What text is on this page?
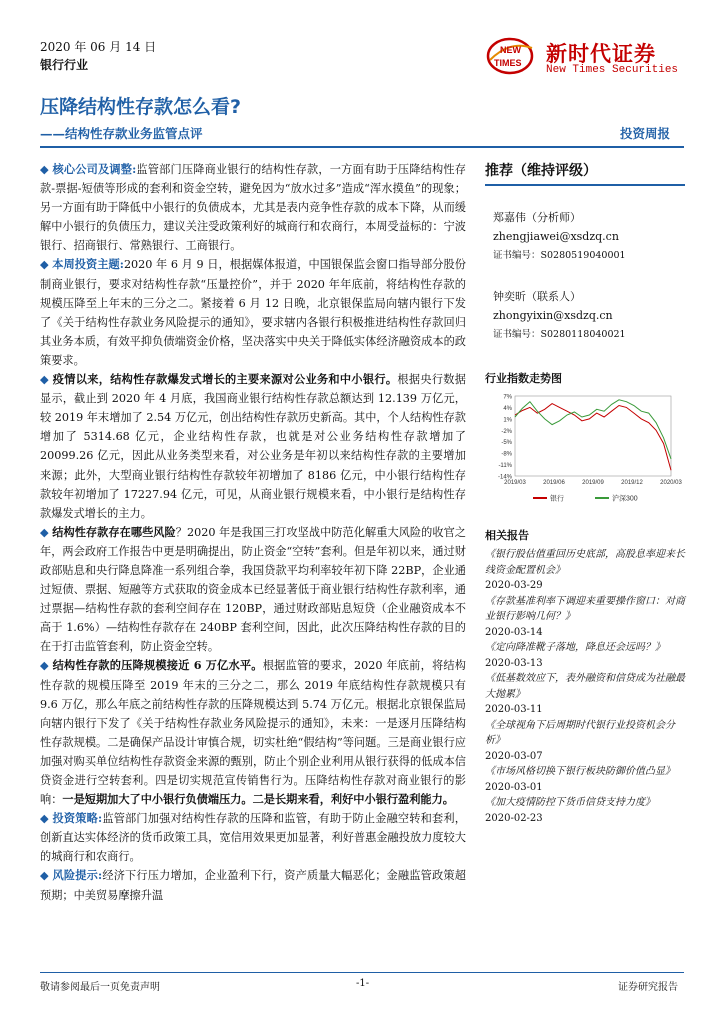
2020 年 06 月 14 日
银行行业
NEW
TIMES 新时代证券
New Times Securities
压降结构性存款怎么看?
——结构性存款业务监管点评	投资周报

◆ 核心公司及调整:监管部门压降商业银行的结构性存款，一方面有助于压降结构性存款-票据-短债等形成的套利和资金空转，避免因为“放水过多”造成“浑水摸鱼”的现象；另一方面有助于降低中小银行的负债成本，尤其是表内竞争性存款的成本下降，从而缓解中小银行的负债压力，建议关注受政策利好的城商行和农商行，本周受益标的：宁波银行、招商银行、常熟银行、工商银行。

◆ 本周投资主题:2020 年 6 月 9 日，根据媒体报道，中国银保监会窗口指导部分股份制商业银行，要求对结构性存款“压量控价”，并于 2020 年年底前，将结构性存款的规模压降至上年末的三分之二。紧接着 6 月 12 日晚，北京银保监局向辖内银行下发了《关于结构性存款业务风险提示的通知》，要求辖内各银行积极推进结构性存款回归其业务本质，有效平抑负债端资金价格，坚决落实中央关于降低实体经济融资成本的政策要求。

◆ 疫情以来，结构性存款爆发式增长的主要来源对公业务和中小银行。根据央行数据显示，截止到 2020 年 4 月底，我国商业银行结构性存款总额达到 12.139 万亿元，较 2019 年末增加了 2.54 万亿元，创出结构性存款历史新高。其中，个人结构性存款增加了 5314.68 亿元，企业结构性存款，也就是对公业务结构性存款增加了 20099.26 亿元，因此从业务类型来看，对公业务是年初以来结构性存款的主要增加来源；此外，大型商业银行结构性存款较年初增加了 8186 亿元，中小银行结构性存款较年初增加了 17227.94 亿元，可见，从商业银行规模来看，中小银行是结构性存款爆发式增长的主力。

◆ 结构性存款存在哪些风险？2020 年是我国三打攻坚战中防范化解重大风险的收官之年，两会政府工作报告中更是明确提出，防止资金“空转”套利。但是年初以来，通过财政部贴息和央行降息降准一系列组合拳，我国贷款平均利率较年初下降 22BP，企业通过短债、票据、短融等方式获取的资金成本已经显著低于商业银行结构性存款利率，通过票据—结构性存款的套利空间存在 120BP，通过财政部贴息短贷（企业融资成本不高于 1.6%）—结构性存款存在 240BP 套利空间，因此，此次压降结构性存款的目的在于打击监管套利，防止资金空转。

◆ 结构性存款的压降规模接近 6 万亿水平。根据监管的要求，2020 年底前，将结构性存款的规模压降至 2019 年末的三分之二，那么 2019 年底结构性存款规模只有 9.6 万亿，那么年底之前结构性存款的压降规模达到 5.74 万亿元。根据北京银保监局向辖内银行下发了《关于结构性存款业务风险提示的通知》，未来：一是逐月压降结构性存款规模。二是确保产品设计审慎合规，切实杜绝“假结构”等问题。三是商业银行应加强对购买单位结构性存款资金来源的甄别，防止个别企业利用从银行获得的低成本信贷资金进行空转套利。四是切实规范宣传销售行为。压降结构性存款对商业银行的影响：一是短期加大了中小银行负债端压力。二是长期来看，利好中小银行盈利能力。

◆ 投资策略:监管部门加强对结构性存款的压降和监管，有助于防止金融空转和套利，创新直达实体经济的货币政策工具，宽信用效果更加显著，利好普惠金融投放力度较大的城商行和农商行。

◆ 风险提示:经济下行压力增加，企业盈利下行，资产质量大幅恶化；金融监管政策超预期；中美贸易摩擦升温

推荐（维持评级）
郑嘉伟（分析师）
zhengjiawei@xsdzq.cn
证书编号：S0280519040001
钟奕昕（联系人）
zhongyixin@xsdzq.cn
证书编号：S0280118040021
行业指数走势图
7%
4%
1%
-2%
-5%
-8%
-11%
-14%
2019/03	2019/06	2019/09	2019/12	2020/03
银行	沪深300
相关报告
《银行股估值重回历史底部，高股息率迎来长线资金配置机会》
2020-03-29
《存款基准利率下调迎来重要操作窗口：对商业银行影响几何？》
2020-03-14
《定向降准靴子落地，降息还会远吗？》
2020-03-13
《低基数效应下，表外融资和信贷成为社融最大抛累》
2020-03-11
《全球视角下后周期时代银行业投资机会分析》
2020-03-07
《市场风格切换下银行板块防御价值凸显》
2020-03-01
《加大疫情防控下货币信贷支持力度》
2020-02-23
敬请参阅最后一页免责声明	-1-	证券研究报告
